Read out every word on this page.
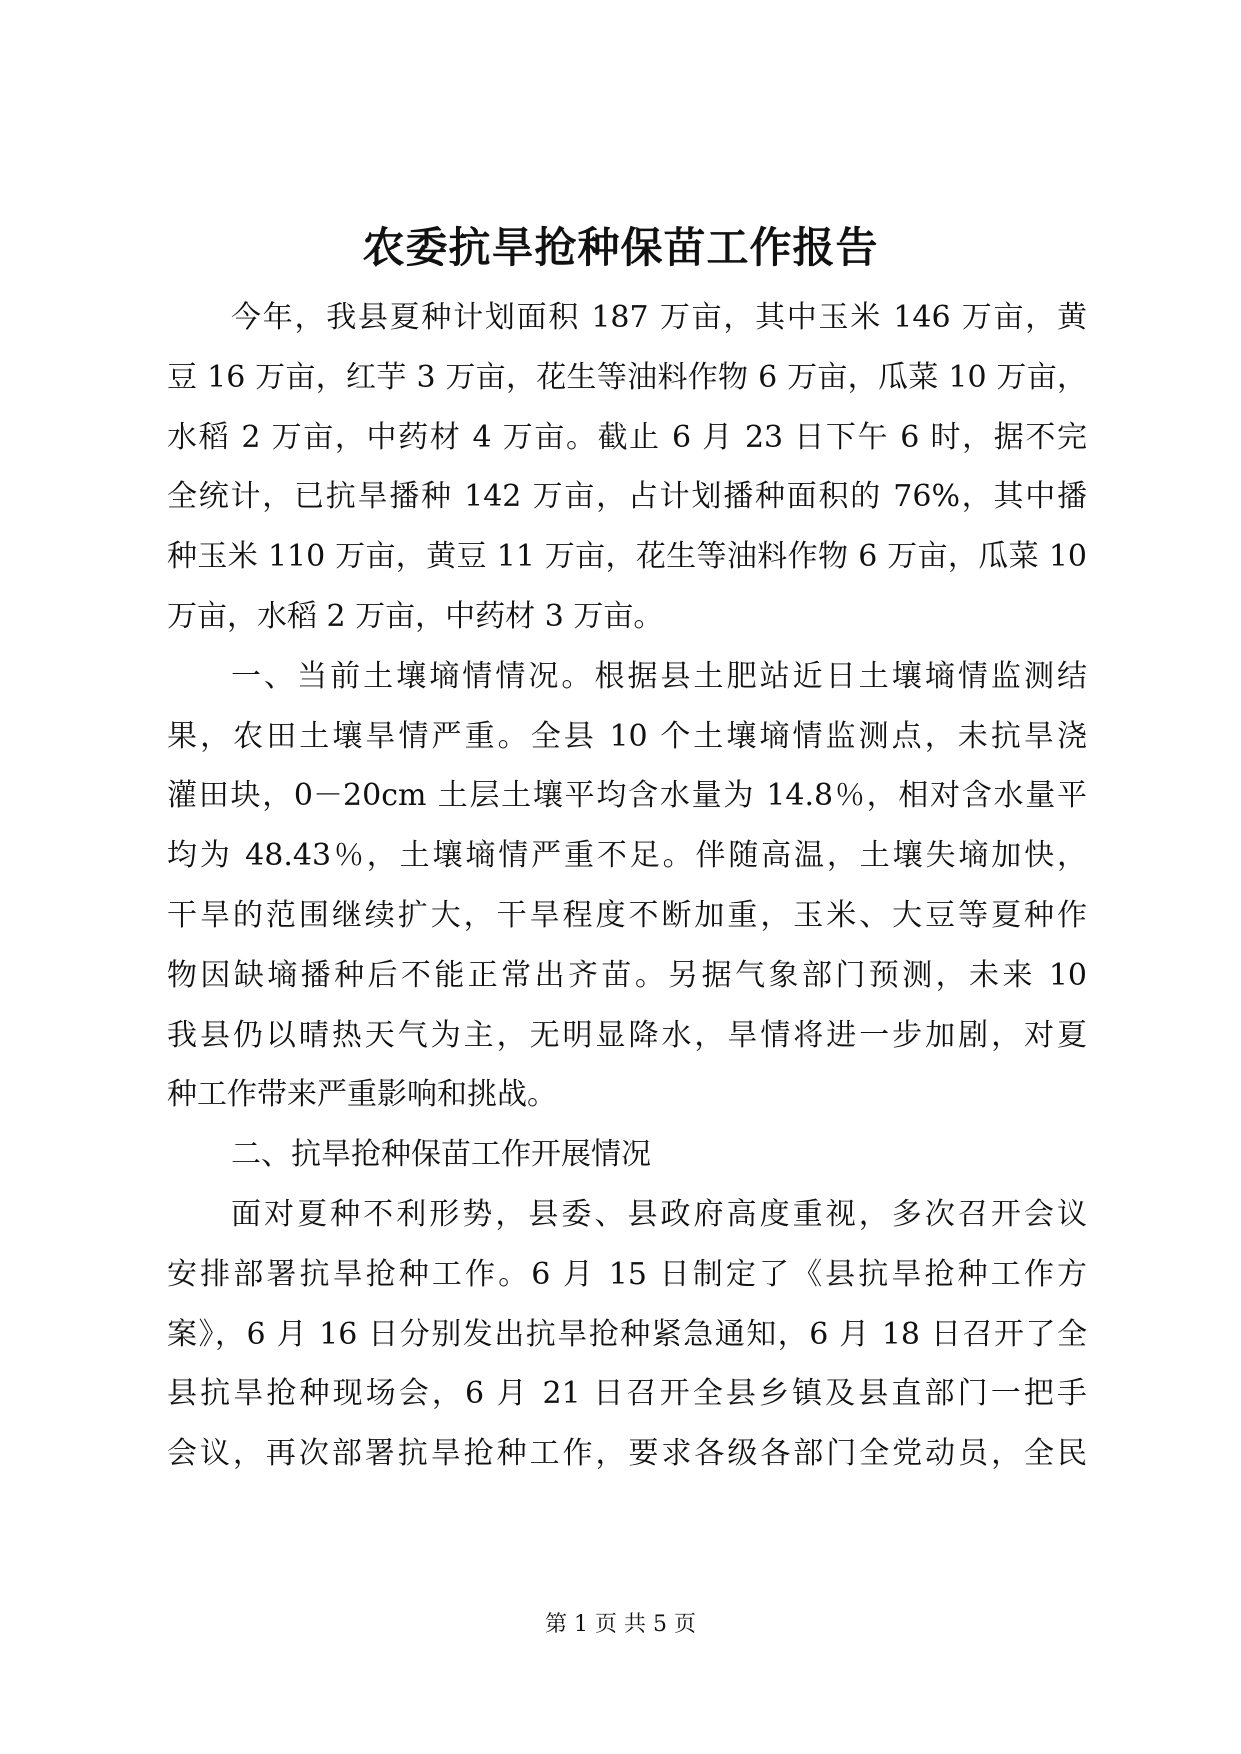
农委抗旱抢种保苗工作报告
今年，我县夏种计划面积 187 万亩，其中玉米 146 万亩，黄
豆 16 万亩，红芋 3 万亩，花生等油料作物 6 万亩，瓜菜 10 万亩，
水稻 2 万亩，中药材 4 万亩。截止 6 月 23 日下午 6 时，据不完
全统计，已抗旱播种 142 万亩，占计划播种面积的 76%，其中播
种玉米 110 万亩，黄豆 11 万亩，花生等油料作物 6 万亩，瓜菜 10
万亩，水稻 2 万亩，中药材 3 万亩。
一、当前土壤墒情情况。根据县土肥站近日土壤墒情监测结
果，农田土壤旱情严重。全县 10 个土壤墒情监测点，未抗旱浇
灌田块，0－20cm 土层土壤平均含水量为 14.8％，相对含水量平
均为 48.43％，土壤墒情严重不足。伴随高温，土壤失墒加快，
干旱的范围继续扩大，干旱程度不断加重，玉米、大豆等夏种作
物因缺墒播种后不能正常出齐苗。另据气象部门预测，未来 10
我县仍以晴热天气为主，无明显降水，旱情将进一步加剧，对夏
种工作带来严重影响和挑战。
二、抗旱抢种保苗工作开展情况
面对夏种不利形势，县委、县政府高度重视，多次召开会议
安排部署抗旱抢种工作。6 月 15 日制定了《县抗旱抢种工作方
案》，6 月 16 日分别发出抗旱抢种紧急通知，6 月 18 日召开了全
县抗旱抢种现场会，6 月 21 日召开全县乡镇及县直部门一把手
会议，再次部署抗旱抢种工作，要求各级各部门全党动员，全民
第 1 页 共 5 页
